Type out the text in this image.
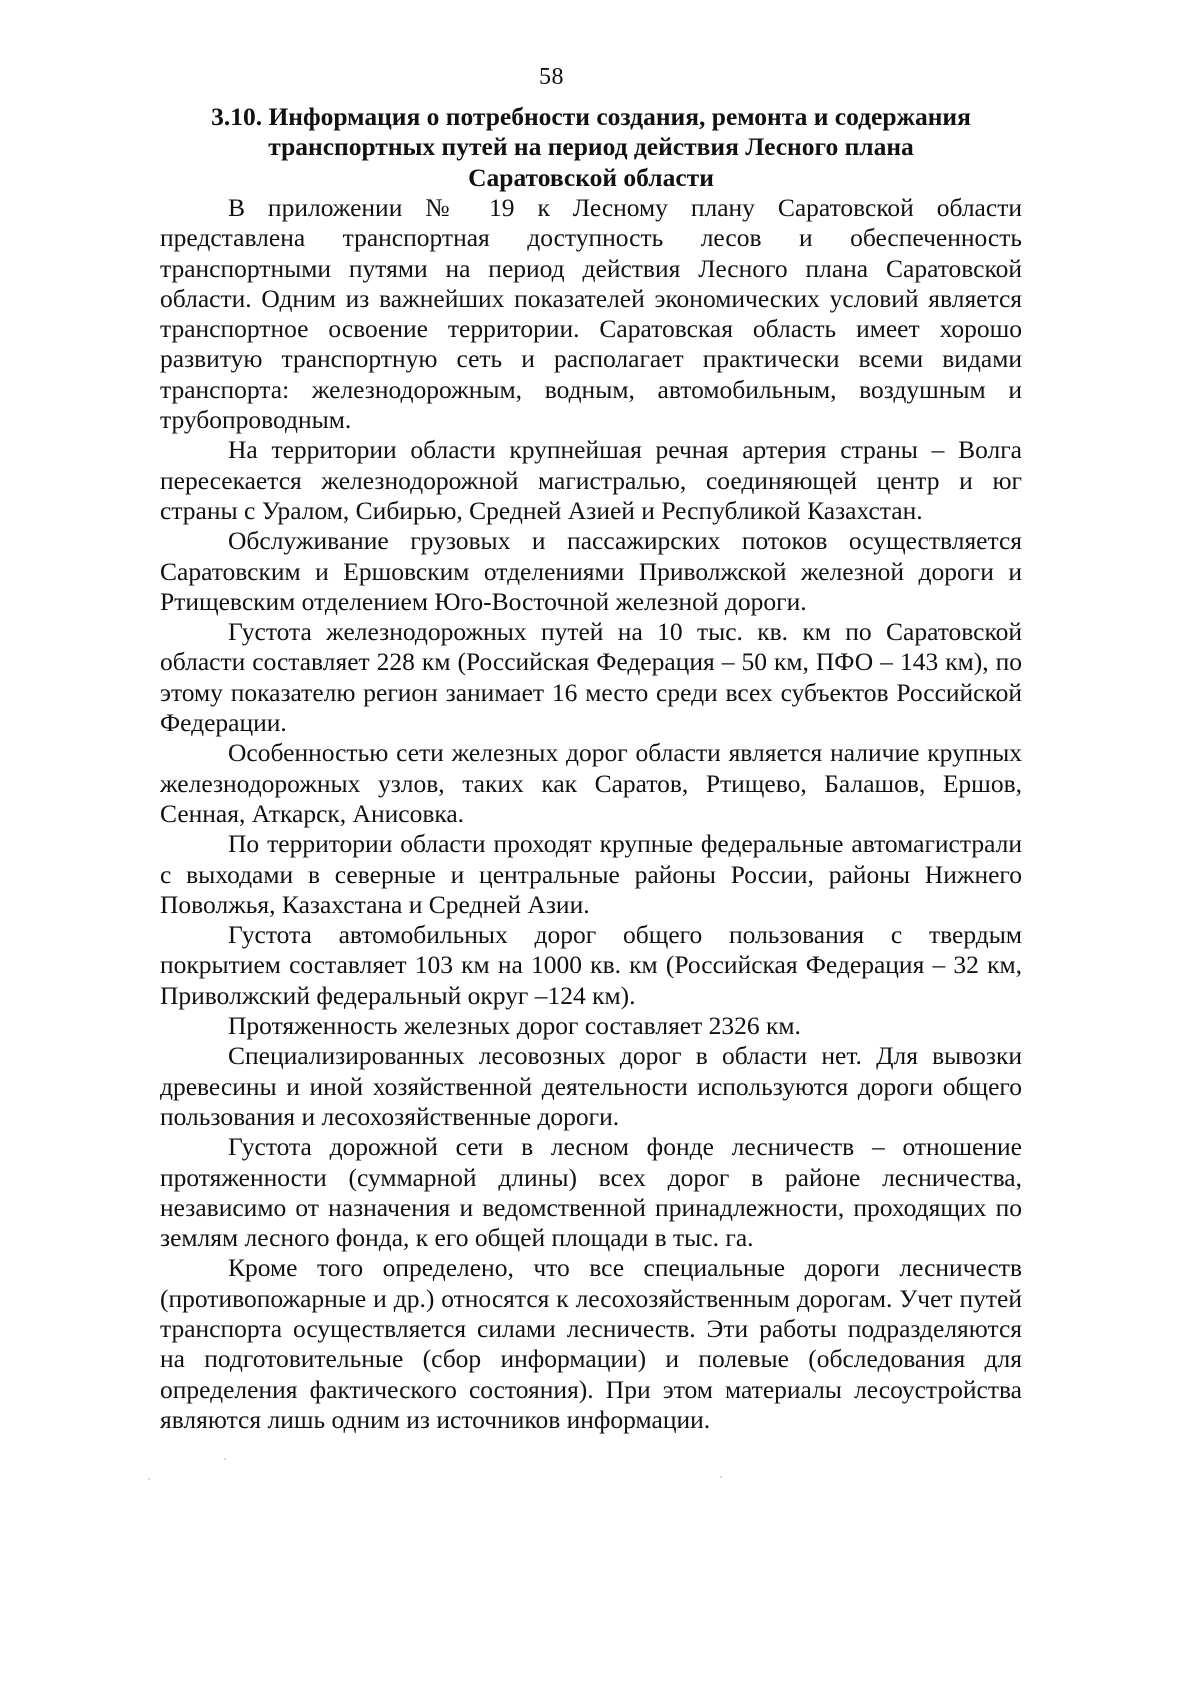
58
3.10. Информация о потребности создания, ремонта и содержания
транспортных путей на период действия Лесного плана
Саратовской области

В приложении № 19 к Лесному плану Саратовской области представлена транспортная доступность лесов и обеспеченность транспортными путями на период действия Лесного плана Саратовской области. Одним из важнейших показателей экономических условий является транспортное освоение территории. Саратовская область имеет хорошо развитую транспортную сеть и располагает практически всеми видами транспорта: железнодорожным, водным, автомобильным, воздушным и трубопроводным.

На территории области крупнейшая речная артерия страны – Волга пересекается железнодорожной магистралью, соединяющей центр и юг страны с Уралом, Сибирью, Средней Азией и Республикой Казахстан.

Обслуживание грузовых и пассажирских потоков осуществляется Саратовским и Ершовским отделениями Приволжской железной дороги и Ртищевским отделением Юго-Восточной железной дороги.

Густота железнодорожных путей на 10 тыс. кв. км по Саратовской области составляет 228 км (Российская Федерация – 50 км, ПФО – 143 км), по этому показателю регион занимает 16 место среди всех субъектов Российской Федерации.

Особенностью сети железных дорог области является наличие крупных железнодорожных узлов, таких как Саратов, Ртищево, Балашов, Ершов, Сенная, Аткарск, Анисовка.

По территории области проходят крупные федеральные автомагистрали с выходами в северные и центральные районы России, районы Нижнего Поволжья, Казахстана и Средней Азии.

Густота автомобильных дорог общего пользования с твердым покрытием составляет 103 км на 1000 кв. км (Российская Федерация – 32 км, Приволжский федеральный округ –124 км).

Протяженность железных дорог составляет 2326 км.

Специализированных лесовозных дорог в области нет. Для вывозки древесины и иной хозяйственной деятельности используются дороги общего пользования и лесохозяйственные дороги.

Густота дорожной сети в лесном фонде лесничеств – отношение протяженности (суммарной длины) всех дорог в районе лесничества, независимо от назначения и ведомственной принадлежности, проходящих по землям лесного фонда, к его общей площади в тыс. га.

Кроме того определено, что все специальные дороги лесничеств (противопожарные и др.) относятся к лесохозяйственным дорогам. Учет путей транспорта осуществляется силами лесничеств. Эти работы подразделяются на подготовительные (сбор информации) и полевые (обследования для определения фактического состояния). При этом материалы лесоустройства являются лишь одним из источников информации.
